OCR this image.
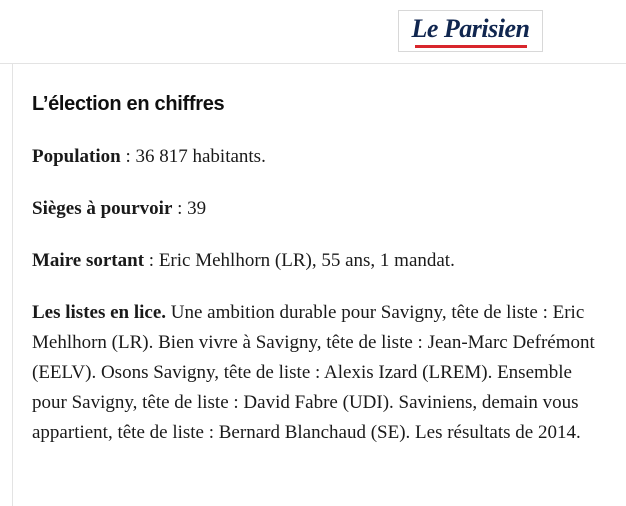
Le Parisien
L’élection en chiffres

Population : 36 817 habitants.

Sièges à pourvoir : 39

Maire sortant : Eric Mehlhorn (LR), 55 ans, 1 mandat.

Les listes en lice. Une ambition durable pour Savigny, tête de liste : Eric Mehlhorn (LR). Bien vivre à Savigny, tête de liste : Jean-Marc Defrémont (EELV). Osons Savigny, tête de liste : Alexis Izard (LREM). Ensemble pour Savigny, tête de liste : David Fabre (UDI). Saviniens, demain vous appartient, tête de liste : Bernard Blanchaud (SE). Les résultats de 2014.
